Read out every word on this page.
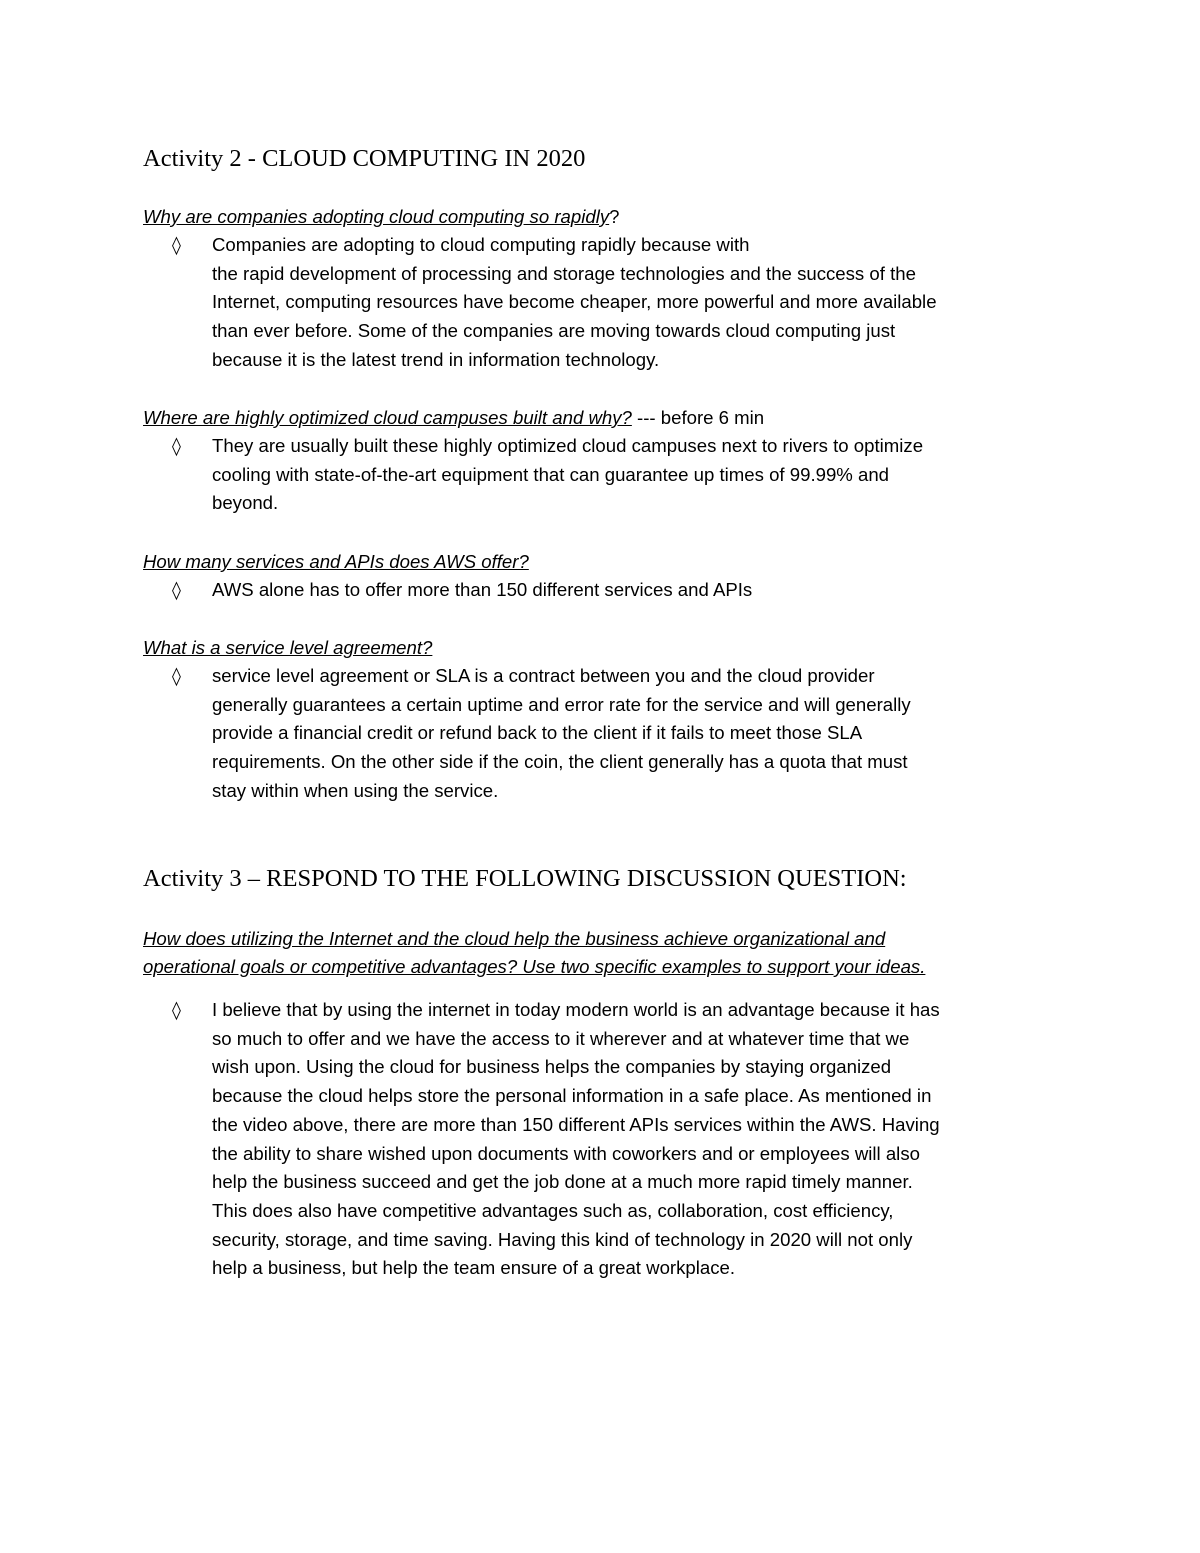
Activity 2 - CLOUD COMPUTING IN 2020
Why are companies adopting cloud computing so rapidly?
◊ Companies are adopting to cloud computing rapidly because with
the rapid development of processing and storage technologies and the success of the
Internet, computing resources have become cheaper, more powerful and more available
than ever before. Some of the companies are moving towards cloud computing just
because it is the latest trend in information technology.
Where are highly optimized cloud campuses built and why? --- before 6 min
◊ They are usually built these highly optimized cloud campuses next to rivers to optimize
cooling with state-of-the-art equipment that can guarantee up times of 99.99% and
beyond.
How many services and APIs does AWS offer?
◊ AWS alone has to offer more than 150 different services and APIs
What is a service level agreement?
◊ service level agreement or SLA is a contract between you and the cloud provider
generally guarantees a certain uptime and error rate for the service and will generally
provide a financial credit or refund back to the client if it fails to meet those SLA
requirements. On the other side if the coin, the client generally has a quota that must
stay within when using the service.
Activity 3 – RESPOND TO THE FOLLOWING DISCUSSION QUESTION:
How does utilizing the Internet and the cloud help the business achieve organizational and
operational goals or competitive advantages? Use two specific examples to support your ideas.
◊ I believe that by using the internet in today modern world is an advantage because it has
so much to offer and we have the access to it wherever and at whatever time that we
wish upon. Using the cloud for business helps the companies by staying organized
because the cloud helps store the personal information in a safe place. As mentioned in
the video above, there are more than 150 different APIs services within the AWS. Having
the ability to share wished upon documents with coworkers and or employees will also
help the business succeed and get the job done at a much more rapid timely manner.
This does also have competitive advantages such as, collaboration, cost efficiency,
security, storage, and time saving. Having this kind of technology in 2020 will not only
help a business, but help the team ensure of a great workplace.
